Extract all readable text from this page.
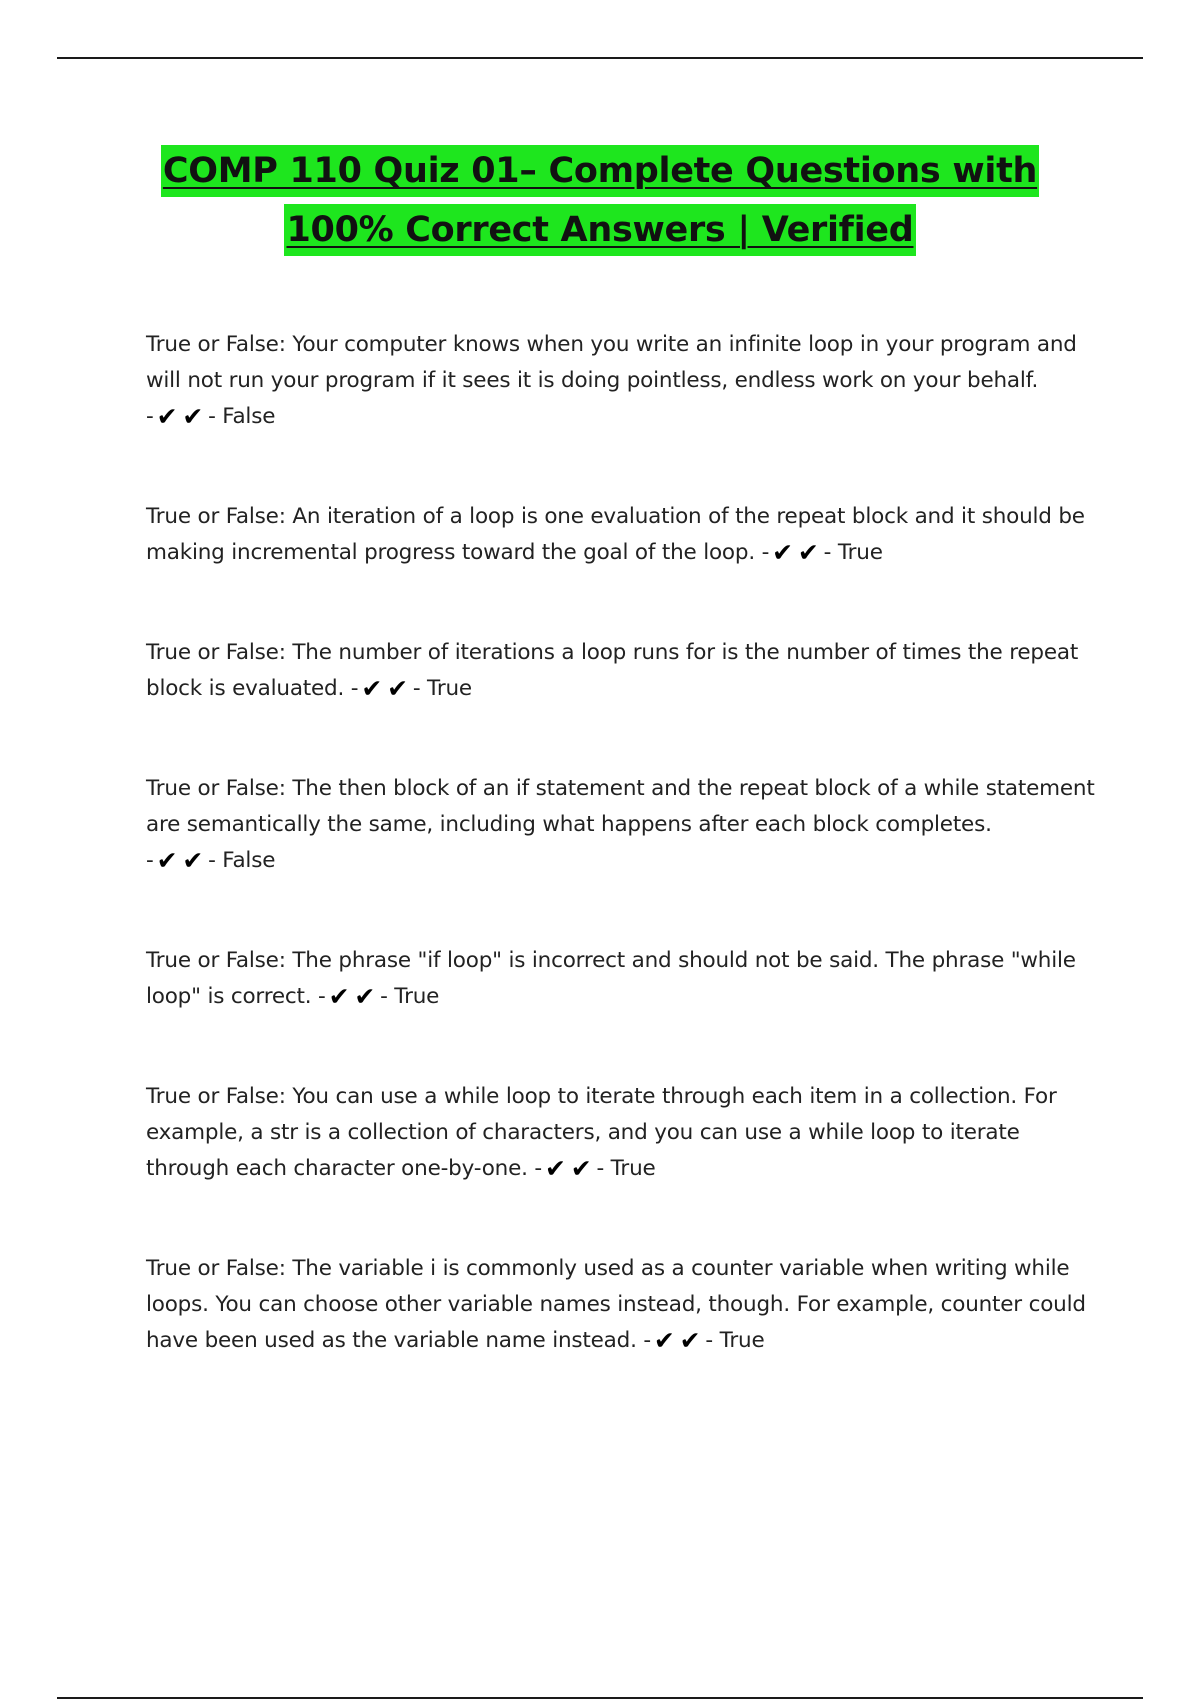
COMP 110 Quiz 01– Complete Questions with
100% Correct Answers | Verified
True or False: Your computer knows when you write an infinite loop in your program and will not run your program if it sees it is doing pointless, endless work on your behalf. - ✔ ✔ - False
True or False: An iteration of a loop is one evaluation of the repeat block and it should be making incremental progress toward the goal of the loop. - ✔ ✔ - True
True or False: The number of iterations a loop runs for is the number of times the repeat block is evaluated. - ✔ ✔ - True
True or False: The then block of an if statement and the repeat block of a while statement are semantically the same, including what happens after each block completes. - ✔ ✔ - False
True or False: The phrase "if loop" is incorrect and should not be said. The phrase "while loop" is correct. - ✔ ✔ - True
True or False: You can use a while loop to iterate through each item in a collection. For example, a str is a collection of characters, and you can use a while loop to iterate through each character one-by-one. - ✔ ✔ - True
True or False: The variable i is commonly used as a counter variable when writing while loops. You can choose other variable names instead, though. For example, counter could have been used as the variable name instead. - ✔ ✔ - True
